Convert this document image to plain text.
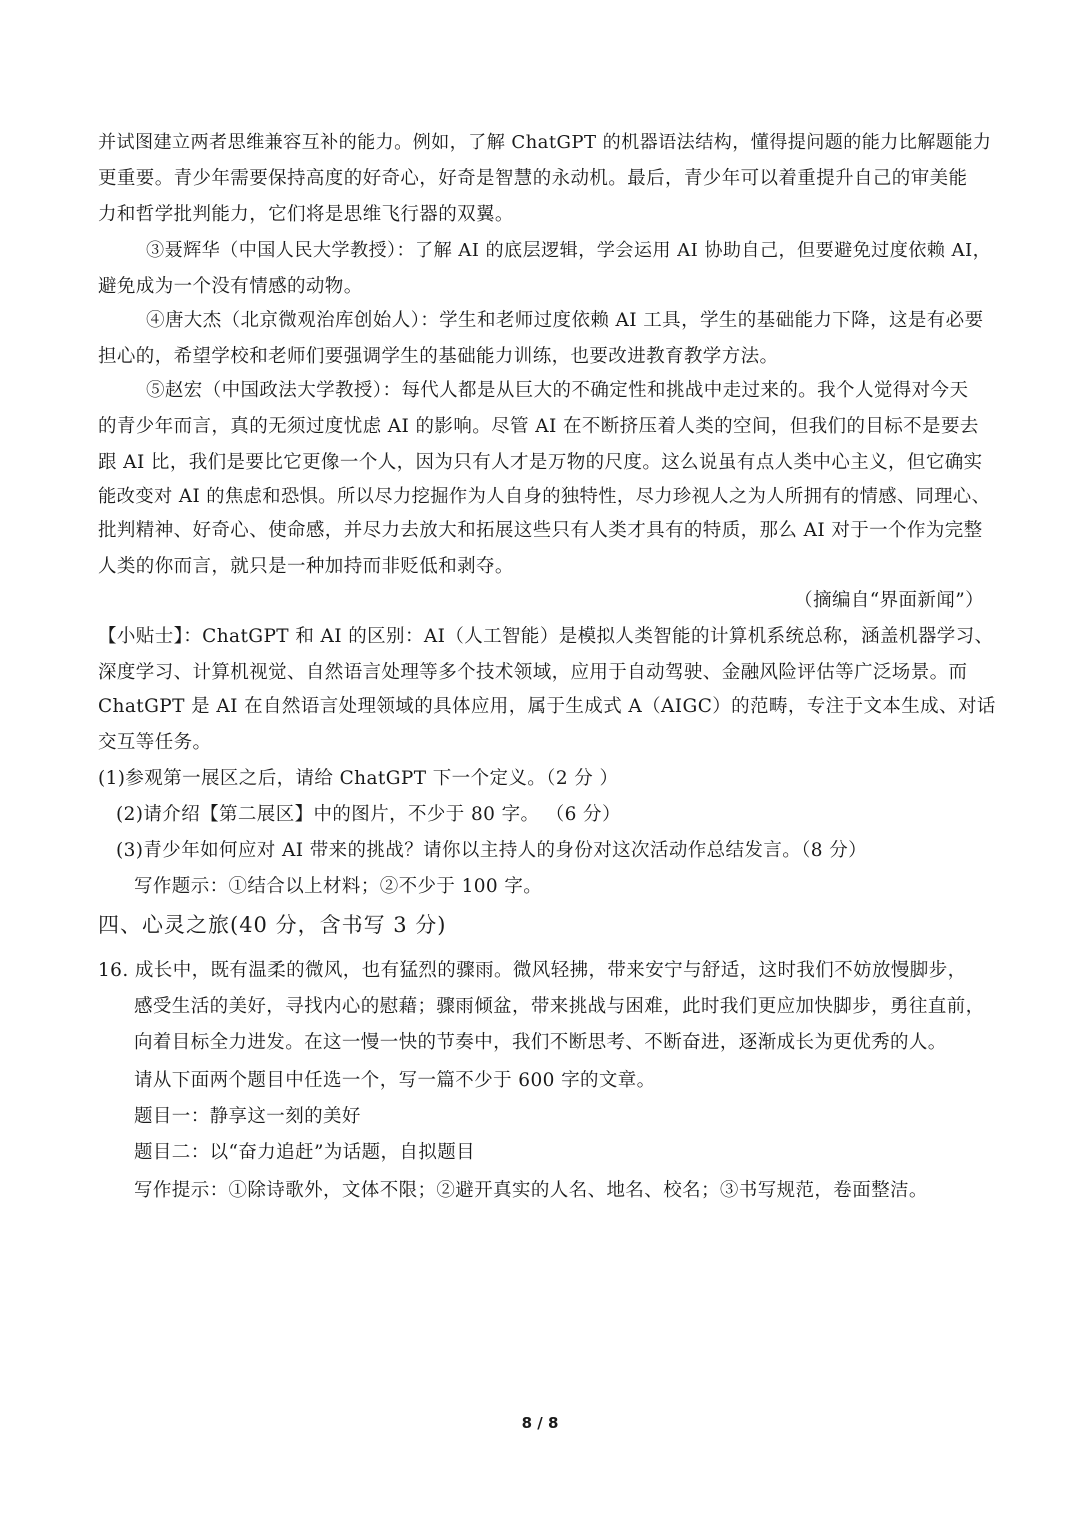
并试图建立两者思维兼容互补的能力。例如，了解 ChatGPT 的机器语法结构，懂得提问题的能力比解题能力
更重要。青少年需要保持高度的好奇心，好奇是智慧的永动机。最后，青少年可以着重提升自己的审美能
力和哲学批判能力，它们将是思维飞行器的双翼。
③聂辉华（中国人民大学教授）：了解 AI 的底层逻辑，学会运用 AI 协助自己，但要避免过度依赖 AI，
避免成为一个没有情感的动物。
④唐大杰（北京微观治库创始人）：学生和老师过度依赖 AI 工具，学生的基础能力下降，这是有必要
担心的，希望学校和老师们要强调学生的基础能力训练，也要改进教育教学方法。
⑤赵宏（中国政法大学教授）：每代人都是从巨大的不确定性和挑战中走过来的。我个人觉得对今天
的青少年而言，真的无须过度忧虑 AI 的影响。尽管 AI 在不断挤压着人类的空间，但我们的目标不是要去
跟 AI 比，我们是要比它更像一个人，因为只有人才是万物的尺度。这么说虽有点人类中心主义，但它确实
能改变对 AI 的焦虑和恐惧。所以尽力挖掘作为人自身的独特性，尽力珍视人之为人所拥有的情感、同理心、
批判精神、好奇心、使命感，并尽力去放大和拓展这些只有人类才具有的特质，那么 AI 对于一个作为完整
人类的你而言，就只是一种加持而非贬低和剥夺。
（摘编自“界面新闻”）
【小贴士】：ChatGPT 和 AI 的区别：AI（人工智能）是模拟人类智能的计算机系统总称，涵盖机器学习、
深度学习、计算机视觉、自然语言处理等多个技术领域，应用于自动驾驶、金融风险评估等广泛场景。而
ChatGPT 是 AI 在自然语言处理领域的具体应用，属于生成式 A（AIGC）的范畴，专注于文本生成、对话
交互等任务。
(1)参观第一展区之后，请给 ChatGPT 下一个定义。（2 分 ）
(2)请介绍【第二展区】中的图片，不少于 80 字。 （6 分）
(3)青少年如何应对 AI 带来的挑战？请你以主持人的身份对这次活动作总结发言。（8 分）
写作题示：①结合以上材料；②不少于 100 字。
四、心灵之旅(40 分，含书写 3 分)
16. 成长中，既有温柔的微风，也有猛烈的骤雨。微风轻拂，带来安宁与舒适，这时我们不妨放慢脚步，
感受生活的美好，寻找内心的慰藉；骤雨倾盆，带来挑战与困难，此时我们更应加快脚步，勇往直前，
向着目标全力进发。在这一慢一快的节奏中，我们不断思考、不断奋进，逐渐成长为更优秀的人。
请从下面两个题目中任选一个，写一篇不少于 600 字的文章。
题目一：静享这一刻的美好
题目二：以“奋力追赶”为话题，自拟题目
写作提示：①除诗歌外，文体不限；②避开真实的人名、地名、校名；③书写规范，卷面整洁。
8 / 8
